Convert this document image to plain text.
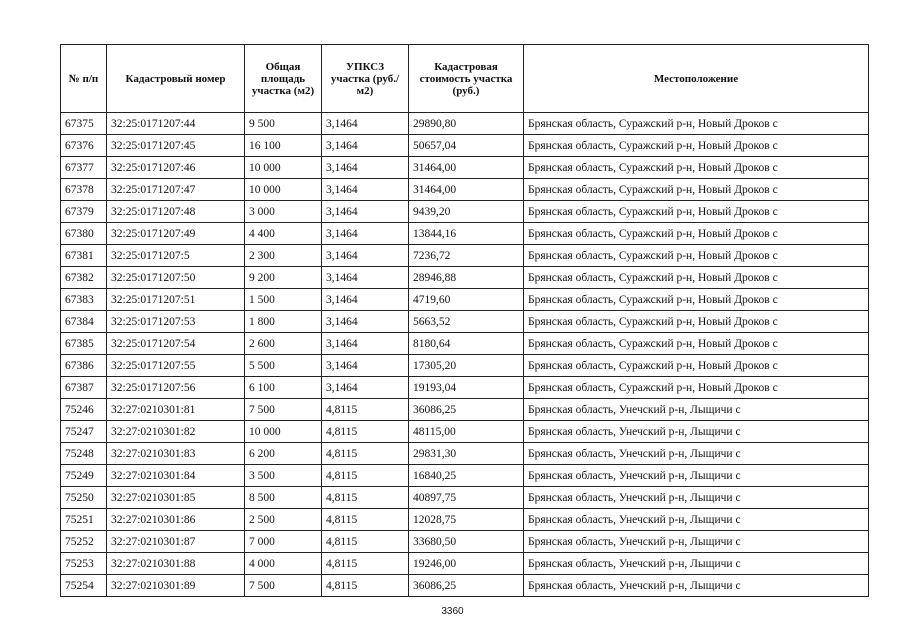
№ п/п	Кадастровый номер	Общая площадь участка (м2)	УПКСЗ участка (руб./м2)	Кадастровая стоимость участка (руб.)	Местоположение
67375	32:25:0171207:44	9 500	3,1464	29890,80	Брянская область, Суражский р-н, Новый Дроков с
67376	32:25:0171207:45	16 100	3,1464	50657,04	Брянская область, Суражский р-н, Новый Дроков с
67377	32:25:0171207:46	10 000	3,1464	31464,00	Брянская область, Суражский р-н, Новый Дроков с
67378	32:25:0171207:47	10 000	3,1464	31464,00	Брянская область, Суражский р-н, Новый Дроков с
67379	32:25:0171207:48	3 000	3,1464	9439,20	Брянская область, Суражский р-н, Новый Дроков с
67380	32:25:0171207:49	4 400	3,1464	13844,16	Брянская область, Суражский р-н, Новый Дроков с
67381	32:25:0171207:5	2 300	3,1464	7236,72	Брянская область, Суражский р-н, Новый Дроков с
67382	32:25:0171207:50	9 200	3,1464	28946,88	Брянская область, Суражский р-н, Новый Дроков с
67383	32:25:0171207:51	1 500	3,1464	4719,60	Брянская область, Суражский р-н, Новый Дроков с
67384	32:25:0171207:53	1 800	3,1464	5663,52	Брянская область, Суражский р-н, Новый Дроков с
67385	32:25:0171207:54	2 600	3,1464	8180,64	Брянская область, Суражский р-н, Новый Дроков с
67386	32:25:0171207:55	5 500	3,1464	17305,20	Брянская область, Суражский р-н, Новый Дроков с
67387	32:25:0171207:56	6 100	3,1464	19193,04	Брянская область, Суражский р-н, Новый Дроков с
75246	32:27:0210301:81	7 500	4,8115	36086,25	Брянская область, Унечский р-н, Лыщичи с
75247	32:27:0210301:82	10 000	4,8115	48115,00	Брянская область, Унечский р-н, Лыщичи с
75248	32:27:0210301:83	6 200	4,8115	29831,30	Брянская область, Унечский р-н, Лыщичи с
75249	32:27:0210301:84	3 500	4,8115	16840,25	Брянская область, Унечский р-н, Лыщичи с
75250	32:27:0210301:85	8 500	4,8115	40897,75	Брянская область, Унечский р-н, Лыщичи с
75251	32:27:0210301:86	2 500	4,8115	12028,75	Брянская область, Унечский р-н, Лыщичи с
75252	32:27:0210301:87	7 000	4,8115	33680,50	Брянская область, Унечский р-н, Лыщичи с
75253	32:27:0210301:88	4 000	4,8115	19246,00	Брянская область, Унечский р-н, Лыщичи с
75254	32:27:0210301:89	7 500	4,8115	36086,25	Брянская область, Унечский р-н, Лыщичи с
3360
